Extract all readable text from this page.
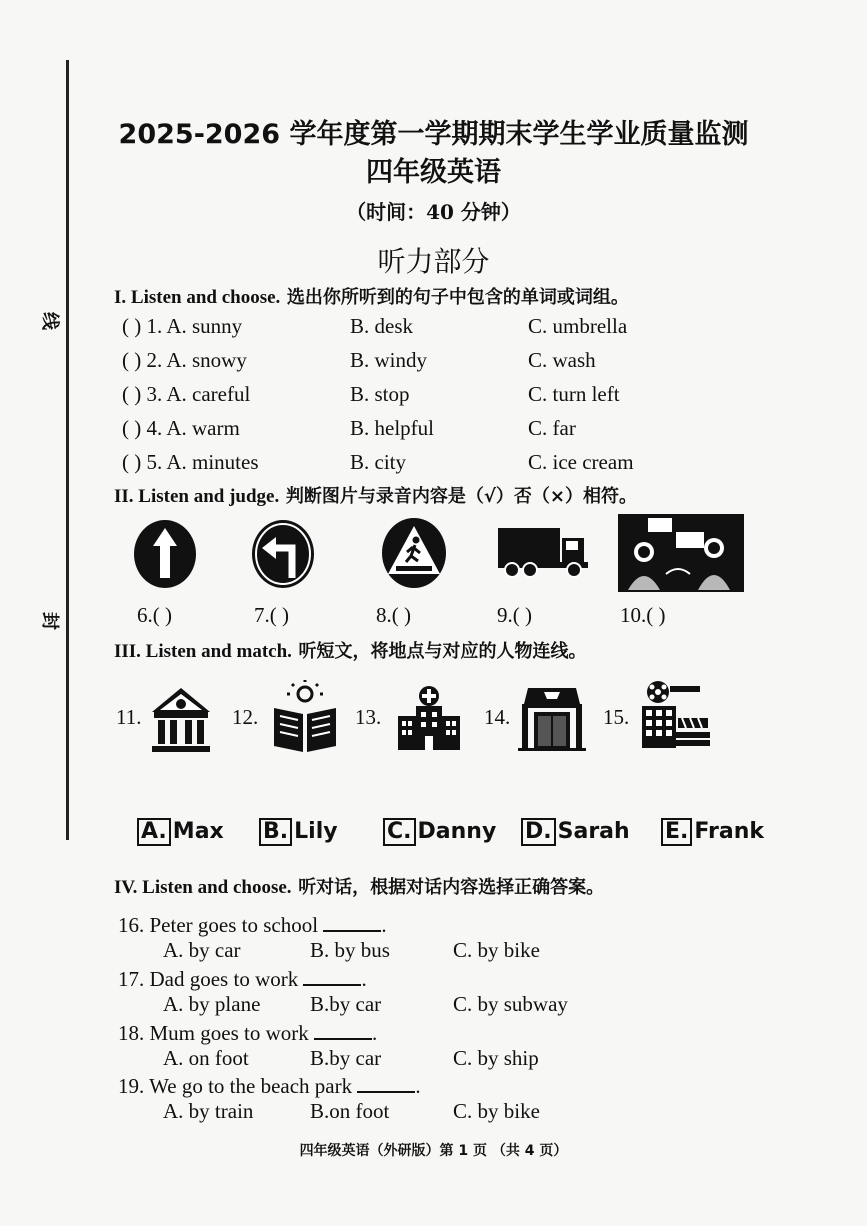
线
封
2025-2026 学年度第一学期期末学生学业质量监测
四年级英语
（时间：40 分钟）
听力部分
I. Listen and choose. 选出你所听到的句子中包含的单词或词组。
( ) 1. A. sunny	B. desk	C. umbrella
( ) 2. A. snowy	B. windy	C. wash
( ) 3. A. careful	B. stop	C. turn left
( ) 4. A. warm	B. helpful	C. far
( ) 5. A. minutes	B. city	C. ice cream
II. Listen and judge. 判断图片与录音内容是（√）否（×）相符。
6.( )	7.( )	8.( )	9.( )	10.( )
III. Listen and match. 听短文，将地点与对应的人物连线。
11.	12.	13.	14.	15.
A. Max B. Lily C. Danny D. Sarah E. Frank
IV. Listen and choose. 听对话，根据对话内容选择正确答案。
16. Peter goes to school	.
A. by car	B. by bus	C. by bike
17. Dad goes to work	.
A. by plane B.by car	C. by subway
18. Mum goes to work	.
A. on foot	B.by car	C. by ship
19. We go to the beach park	.
A. by train	B.on foot	C. by bike
四年级英语（外研版）第 1 页 （共 4 页）
